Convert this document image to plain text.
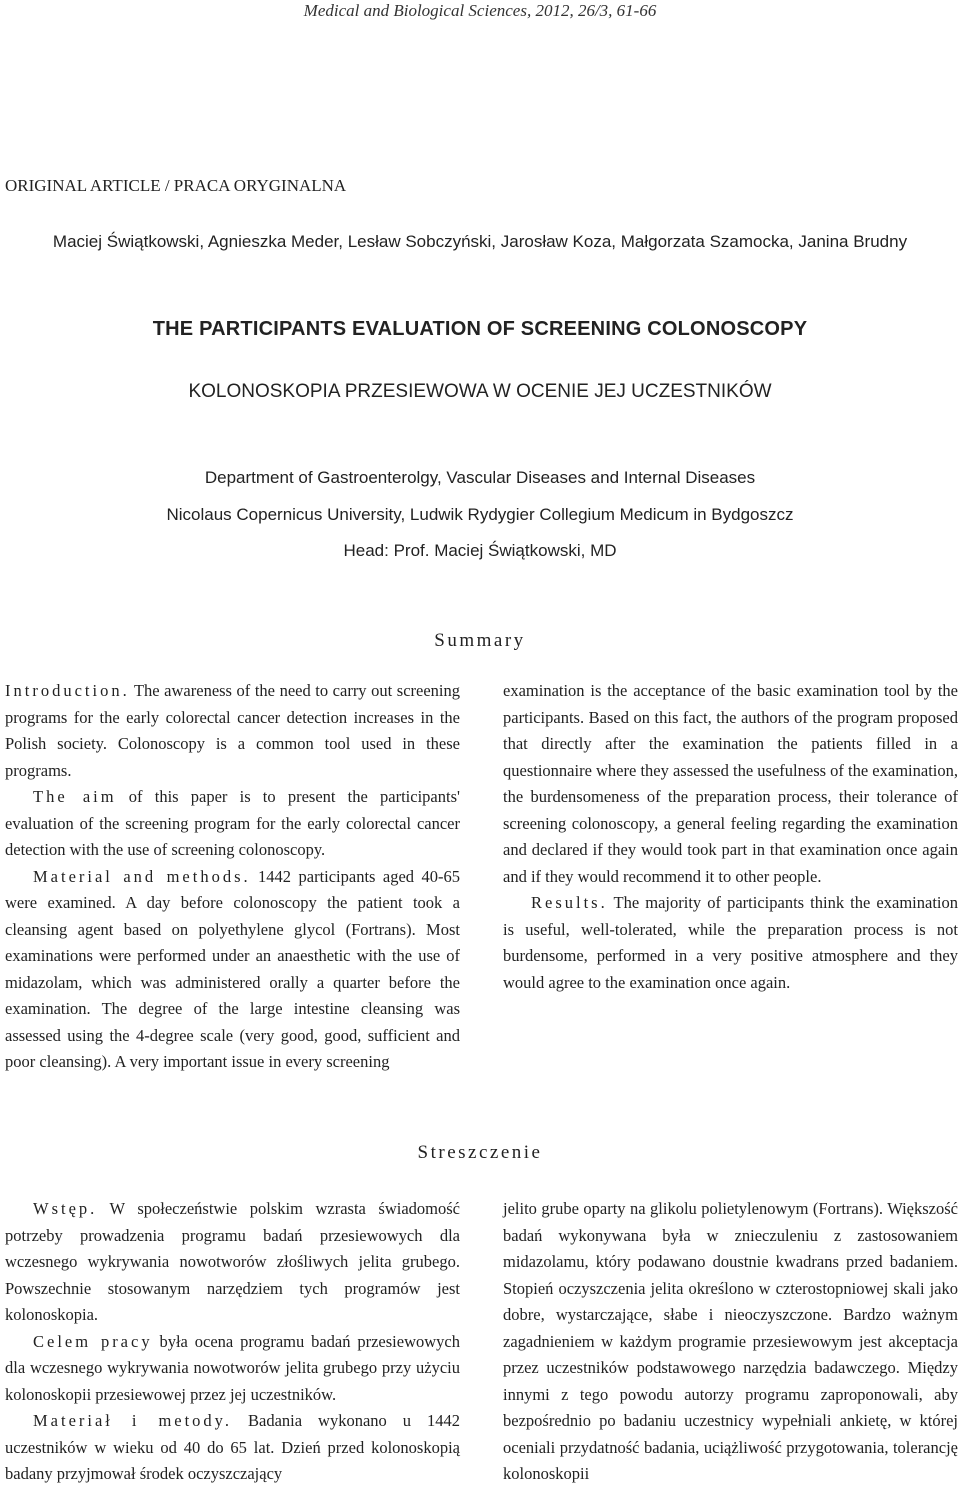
Medical and Biological Sciences, 2012, 26/3, 61-66
ORIGINAL ARTICLE / PRACA ORYGINALNA
Maciej Świątkowski, Agnieszka Meder, Lesław Sobczyński, Jarosław Koza, Małgorzata Szamocka, Janina Brudny
THE PARTICIPANTS EVALUATION OF SCREENING COLONOSCOPY
KOLONOSKOPIA PRZESIEWOWA W OCENIE JEJ UCZESTNIKÓW
Department of Gastroenterolgy, Vascular Diseases and Internal Diseases
Nicolaus Copernicus University, Ludwik Rydygier Collegium Medicum in Bydgoszcz
Head: Prof. Maciej Świątkowski, MD
Summary

Introduction. The awareness of the need to carry out screening programs for the early colorectal cancer detection increases in the Polish society. Colonoscopy is a common tool used in these programs.

The aim of this paper is to present the participants' evaluation of the screening program for the early colorectal cancer detection with the use of screening colonoscopy.

Material and methods. 1442 participants aged 40-65 were examined. A day before colonoscopy the patient took a cleansing agent based on polyethylene glycol (Fortrans). Most examinations were performed under an anaesthetic with the use of midazolam, which was administered orally a quarter before the examination. The degree of the large intestine cleansing was assessed using the 4-degree scale (very good, good, sufficient and poor cleansing). A very important issue in every screening

examination is the acceptance of the basic examination tool by the participants. Based on this fact, the authors of the program proposed that directly after the examination the patients filled in a questionnaire where they assessed the usefulness of the examination, the burdensomeness of the preparation process, their tolerance of screening colonoscopy, a general feeling regarding the examination and declared if they would took part in that examination once again and if they would recommend it to other people.

Results. The majority of participants think the examination is useful, well-tolerated, while the preparation process is not burdensome, performed in a very positive atmosphere and they would agree to the examination once again.

Streszczenie

Wstęp. W społeczeństwie polskim wzrasta świadomość potrzeby prowadzenia programu badań przesiewowych dla wczesnego wykrywania nowotworów złośliwych jelita grubego. Powszechnie stosowanym narzędziem tych programów jest kolonoskopia.

Celem pracy była ocena programu badań przesiewowych dla wczesnego wykrywania nowotworów jelita grubego przy użyciu kolonoskopii przesiewowej przez jej uczestników.

Materiał i metody. Badania wykonano u 1442 uczestników w wieku od 40 do 65 lat. Dzień przed kolonoskopią badany przyjmował środek oczyszczający

jelito grube oparty na glikolu polietylenowym (Fortrans). Większość badań wykonywana była w znieczuleniu z zastosowaniem midazolamu, który podawano doustnie kwadrans przed badaniem. Stopień oczyszczenia jelita określono w czterostopniowej skali jako dobre, wystarczające, słabe i nieoczyszczone. Bardzo ważnym zagadnieniem w każdym programie przesiewowym jest akceptacja przez uczestników podstawowego narzędzia badawczego. Między innymi z tego powodu autorzy programu zaproponowali, aby bezpośrednio po badaniu uczestnicy wypełniali ankietę, w której oceniali przydatność badania, uciążliwość przygotowania, tolerancję kolonoskopii
